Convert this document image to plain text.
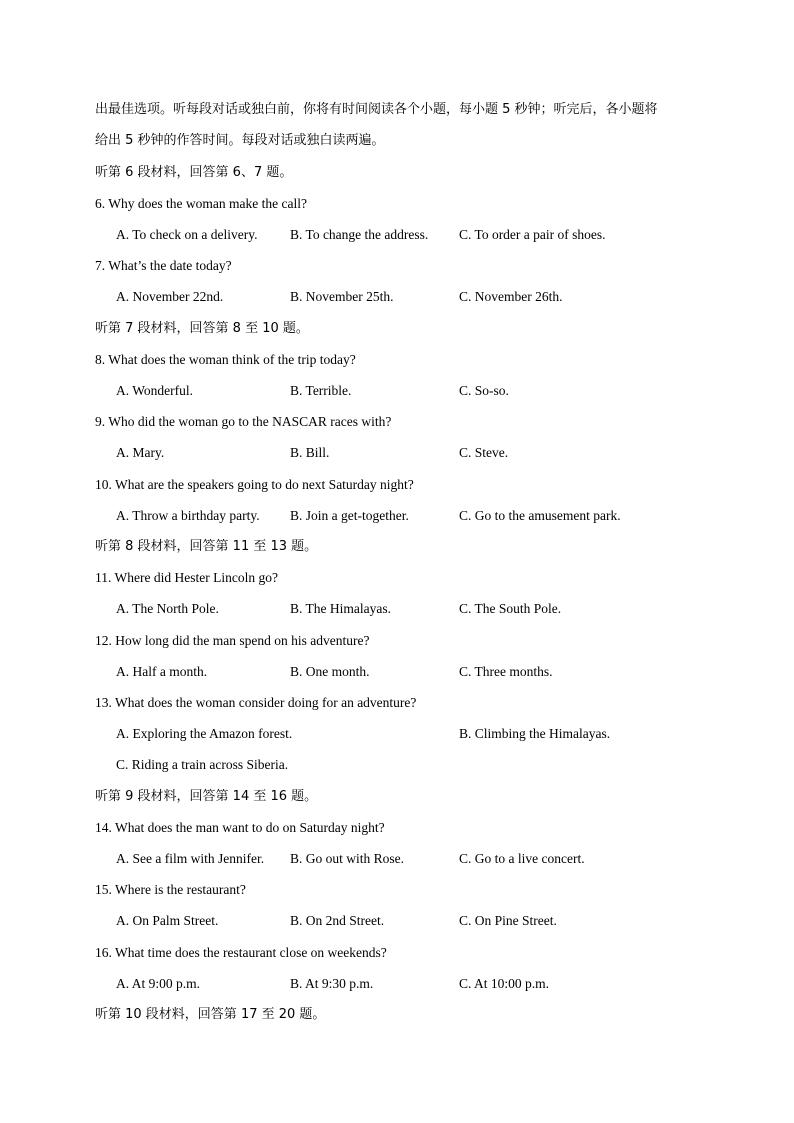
出最佳选项。听每段对话或独白前，你将有时间阅读各个小题，每小题 5 秒钟；听完后，各小题将
给出 5 秒钟的作答时间。每段对话或独白读两遍。
听第 6 段材料，回答第 6、7 题。
6. Why does the woman make the call?
A. To check on a delivery. B. To change the address. C. To order a pair of shoes.
7. What’s the date today?
A. November 22nd.	B. November 25th.	C. November 26th.
听第 7 段材料，回答第 8 至 10 题。
8. What does the woman think of the trip today?
A. Wonderful.	B. Terrible.	C. So-so.
9. Who did the woman go to the NASCAR races with?
A. Mary.	B. Bill.	C. Steve.
10. What are the speakers going to do next Saturday night?
A. Throw a birthday party. B. Join a get-together.	C. Go to the amusement park.
听第 8 段材料，回答第 11 至 13 题。
11. Where did Hester Lincoln go?
A. The North Pole.	B. The Himalayas.	C. The South Pole.
12. How long did the man spend on his adventure?
A. Half a month.	B. One month.	C. Three months.
13. What does the woman consider doing for an adventure?
A. Exploring the Amazon forest.	B. Climbing the Himalayas.
C. Riding a train across Siberia.
听第 9 段材料，回答第 14 至 16 题。
14. What does the man want to do on Saturday night?
A. See a film with Jennifer. B. Go out with Rose.	C. Go to a live concert.
15. Where is the restaurant?
A. On Palm Street.	B. On 2nd Street.	C. On Pine Street.
16. What time does the restaurant close on weekends?
A. At 9:00 p.m.	B. At 9:30 p.m.	C. At 10:00 p.m.
听第 10 段材料，回答第 17 至 20 题。
